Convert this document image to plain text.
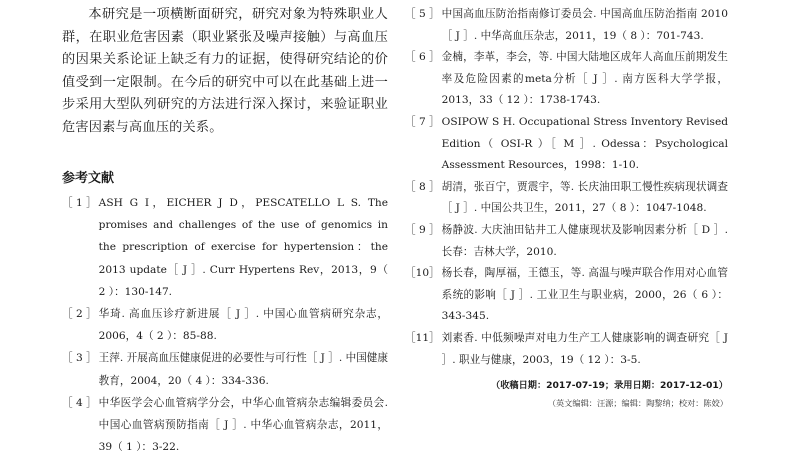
本研究是一项横断面研究，研究对象为特殊职业人群，在职业危害因素（职业紧张及噪声接触）与高血压的因果关系论证上缺乏有力的证据，使得研究结论的价值受到一定限制。在今后的研究中可以在此基础上进一步采用大型队列研究的方法进行深入探讨，来验证职业危害因素与高血压的关系。

参考文献
［ 1 ］ ASH G I，EICHER J D，PESCATELLO L S. The promises and challenges of the use of genomics in the prescription of exercise for hypertension：the 2013 update［ J ］. Curr Hypertens Rev，2013，9（ 2 ）：130-147.
［ 2 ］ 华琦. 高血压诊疗新进展［ J ］. 中国心血管病研究杂志，2006，4（ 2 ）：85-88.
［ 3 ］ 王萍. 开展高血压健康促进的必要性与可行性［ J ］. 中国健康教育，2004，20（ 4 ）：334-336.
［ 4 ］ 中华医学会心血管病学分会，中华心血管病杂志编辑委员会. 中国心血管病预防指南［ J ］. 中华心血管病杂志，2011，39（ 1 ）：3-22.
［ 5 ］ 中国高血压防治指南修订委员会. 中国高血压防治指南 2010［ J ］. 中华高血压杂志，2011，19（ 8 ）：701-743.
［ 6 ］ 金楠，李革，李会，等. 中国大陆地区成年人高血压前期发生率及危险因素的meta分析［ J ］. 南方医科大学学报，2013，33（ 12 ）：1738-1743.
［ 7 ］ OSIPOW S H. Occupational Stress Inventory Revised Edition（ OSI-R ）［ M ］. Odessa：Psychological Assessment Resources，1998：1-10.
［ 8 ］ 胡清，张百宁，贾震宇，等. 长庆油田职工慢性疾病现状调查［ J ］. 中国公共卫生，2011，27（ 8 ）：1047-1048.
［ 9 ］ 杨静波. 大庆油田钻井工人健康现状及影响因素分析［ D ］. 长春：吉林大学，2010.
［10］ 杨长春，陶厚福，王德玉，等. 高温与噪声联合作用对心血管系统的影响［ J ］. 工业卫生与职业病，2000，26（ 6 ）：343-345.
［11］ 刘素香. 中低频噪声对电力生产工人健康影响的调查研究［ J ］. 职业与健康，2003，19（ 12 ）：3-5.
（收稿日期：2017-07-19；录用日期：2017-12-01）
（英文编辑：汪源；编辑：陶黎纳；校对：陈姣）
